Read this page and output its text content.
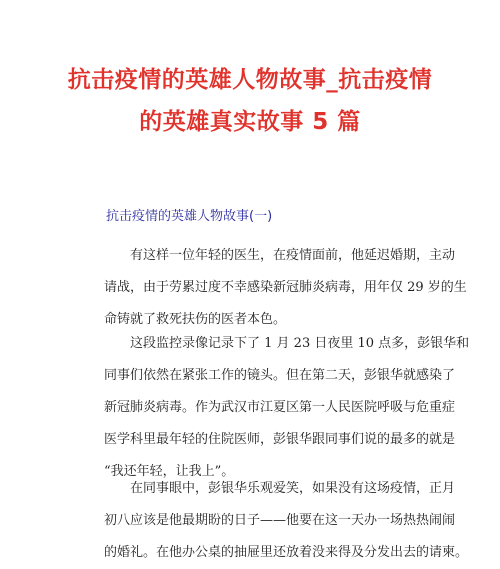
抗击疫情的英雄人物故事_抗击疫情
的英雄真实故事 5 篇
抗击疫情的英雄人物故事(一)

有这样一位年轻的医生，在疫情面前，他延迟婚期，主动
请战，由于劳累过度不幸感染新冠肺炎病毒，用年仅 29 岁的生
命铸就了救死扶伤的医者本色。

这段监控录像记录下了 1 月 23 日夜里 10 点多，彭银华和
同事们依然在紧张工作的镜头。但在第二天，彭银华就感染了
新冠肺炎病毒。作为武汉市江夏区第一人民医院呼吸与危重症
医学科里最年轻的住院医师，彭银华跟同事们说的最多的就是
“我还年轻，让我上”。

在同事眼中，彭银华乐观爱笑，如果没有这场疫情，正月
初八应该是他最期盼的日子——他要在这一天办一场热热闹闹
的婚礼。在他办公桌的抽屉里还放着没来得及分发出去的请柬。
